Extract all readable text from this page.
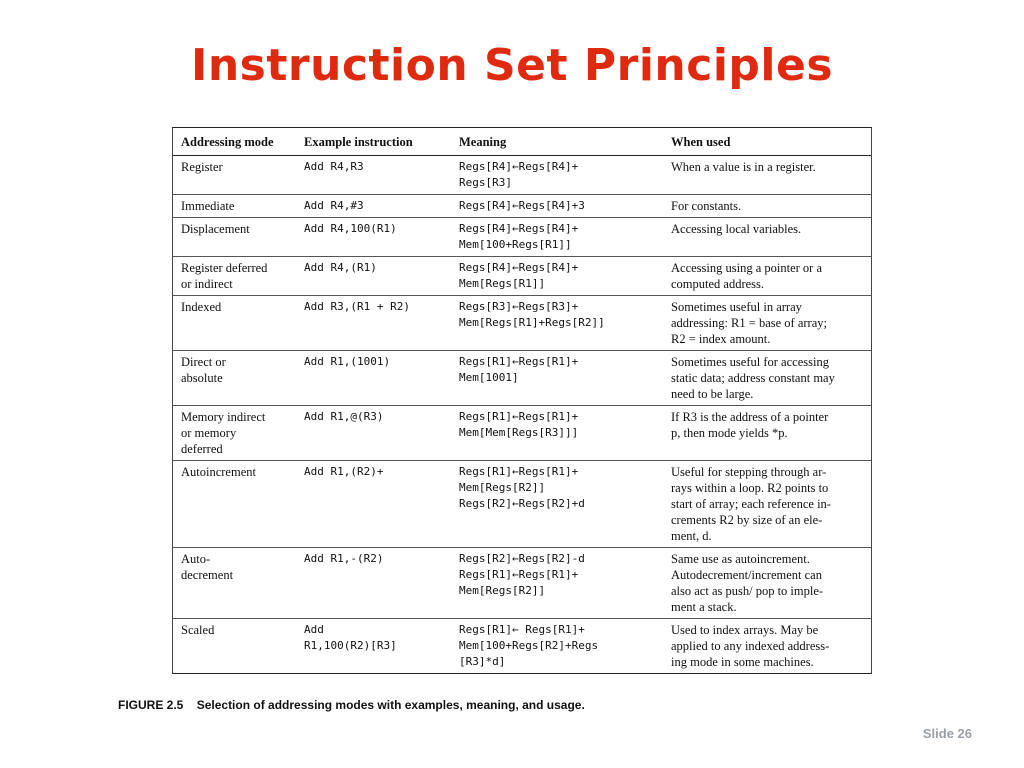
Instruction Set Principles
Addressing mode	Example instruction	Meaning	When used

Register	Add R4,R3	Regs[R4]←Regs[R4]+
Regs[R3]	When a value is in a register.

Immediate	Add R4,#3	Regs[R4]←Regs[R4]+3	For constants.

Displacement	Add R4,100(R1)	Regs[R4]←Regs[R4]+
Mem[100+Regs[R1]]	Accessing local variables.

Register deferred
or indirect	Add R4,(R1)	Regs[R4]←Regs[R4]+
Mem[Regs[R1]]	Accessing using a pointer or a
computed address.

Indexed	Add R3,(R1 + R2)	Regs[R3]←Regs[R3]+
Mem[Regs[R1]+Regs[R2]]	Sometimes useful in array
addressing: R1 = base of array;
R2 = index amount.

Direct or
absolute	Add R1,(1001)	Regs[R1]←Regs[R1]+
Mem[1001]	Sometimes useful for accessing
static data; address constant may
need to be large.

Memory indirect
or memory
deferred	Add R1,@(R3)	Regs[R1]←Regs[R1]+
Mem[Mem[Regs[R3]]]	If R3 is the address of a pointer
p, then mode yields *p.

Autoincrement	Add R1,(R2)+	Regs[R1]←Regs[R1]+
Mem[Regs[R2]]
Regs[R2]←Regs[R2]+d	Useful for stepping through ar-
rays within a loop. R2 points to
start of array; each reference in-
crements R2 by size of an ele-
ment, d.

Auto-
decrement	Add R1,-(R2)	Regs[R2]←Regs[R2]-d
Regs[R1]←Regs[R1]+
Mem[Regs[R2]]	Same use as autoincrement.
Autodecrement/increment can
also act as push/ pop to imple-
ment a stack.

Scaled	Add
R1,100(R2)[R3]	Regs[R1]← Regs[R1]+
Mem[100+Regs[R2]+Regs
[R3]*d]	Used to index arrays. May be
applied to any indexed address-
ing mode in some machines.
FIGURE 2.5 Selection of addressing modes with examples, meaning, and usage.
Slide 26
